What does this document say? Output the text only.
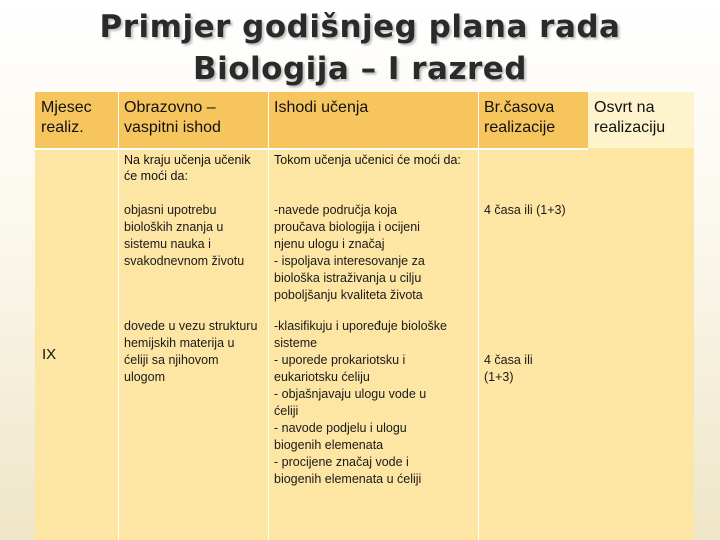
Primjer godišnjeg plana rada
Biologija – I razred
Mjesec realiz.
Obrazovno – vaspitni ishod
Ishodi učenja	Br.časova realizacije
Na kraju učenja učenik će moći da:
Tokom učenja učenici će moći da:
IX
objasni upotrebu bioloških znanja u sistemu nauka i svakodnevnom životu
-navede područja koja
proučava biologija i ocijeni
njenu ulogu i značaj
- ispoljava interesovanje za
biološka istraživanja u cilju
poboljšanju kvaliteta života
4 časa ili (1+3)
dovede u vezu strukturu hemijskih materija u ćeliji sa njihovom ulogom
-klasifikuju i upoređuje biološke
sisteme
- uporede prokariotsku i
eukariotsku ćeliju
- objašnjavaju ulogu vode u
ćeliji
- navode podjelu i ulogu
biogenih elemenata
- procijene značaj vode i
biogenih elemenata u ćeliji
4 časa ili (1+3)
Osvrt na realizaciju
